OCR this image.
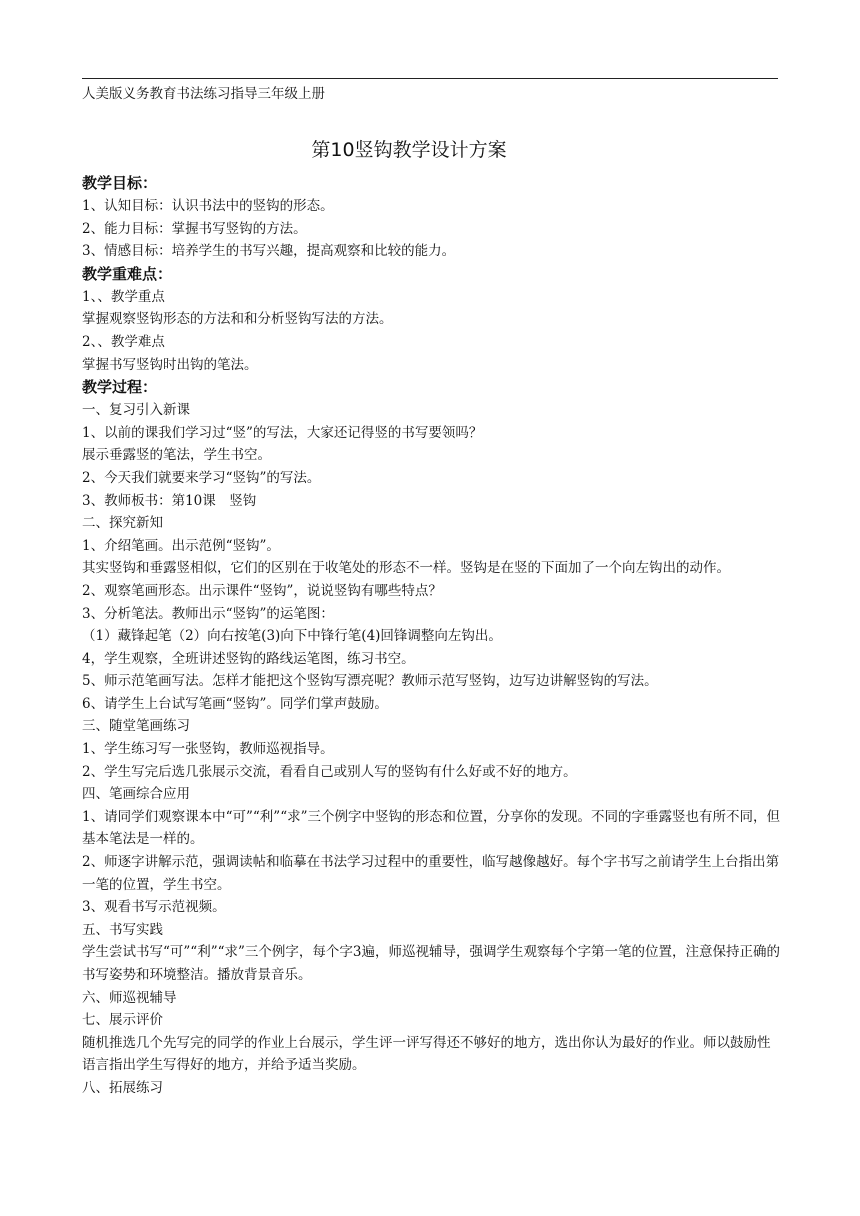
人美版义务教育书法练习指导三年级上册
第10竖钩教学设计方案
教学目标：
1、认知目标：认识书法中的竖钩的形态。
2、能力目标：掌握书写竖钩的方法。
3、情感目标：培养学生的书写兴趣，提高观察和比较的能力。
教学重难点：
1、、教学重点
掌握观察竖钩形态的方法和和分析竖钩写法的方法。
2、、教学难点
掌握书写竖钩时出钩的笔法。
教学过程：
一、复习引入新课
1、以前的课我们学习过“竖”的写法，大家还记得竖的书写要领吗？
展示垂露竖的笔法，学生书空。
2、今天我们就要来学习“竖钩”的写法。
3、教师板书：第10课　竖钩
二、探究新知
1、介绍笔画。出示范例“竖钩”。
其实竖钩和垂露竖相似，它们的区别在于收笔处的形态不一样。竖钩是在竖的下面加了一个向左钩出的动作。
2、观察笔画形态。出示课件“竖钩”，说说竖钩有哪些特点？
3、分析笔法。教师出示“竖钩”的运笔图：
（1）藏锋起笔（2）向右按笔(3)向下中锋行笔(4)回锋调整向左钩出。
4，学生观察，全班讲述竖钩的路线运笔图，练习书空。
5、师示范笔画写法。怎样才能把这个竖钩写漂亮呢？教师示范写竖钩，边写边讲解竖钩的写法。
6、请学生上台试写笔画“竖钩”。同学们掌声鼓励。
三、随堂笔画练习
1、学生练习写一张竖钩，教师巡视指导。
2、学生写完后选几张展示交流，看看自己或别人写的竖钩有什么好或不好的地方。
四、笔画综合应用
1、请同学们观察课本中“可”“利”“求”三个例字中竖钩的形态和位置，分享你的发现。不同的字垂露竖也有所不同，但基本笔法是一样的。
2、师逐字讲解示范，强调读帖和临摹在书法学习过程中的重要性，临写越像越好。每个字书写之前请学生上台指出第一笔的位置，学生书空。
3、观看书写示范视频。
五、书写实践
学生尝试书写“可”“利”“求”三个例字，每个字3遍，师巡视辅导，强调学生观察每个字第一笔的位置，注意保持正确的书写姿势和环境整洁。播放背景音乐。
六、师巡视辅导
七、展示评价
随机推选几个先写完的同学的作业上台展示，学生评一评写得还不够好的地方，选出你认为最好的作业。师以鼓励性语言指出学生写得好的地方，并给予适当奖励。
八、拓展练习
